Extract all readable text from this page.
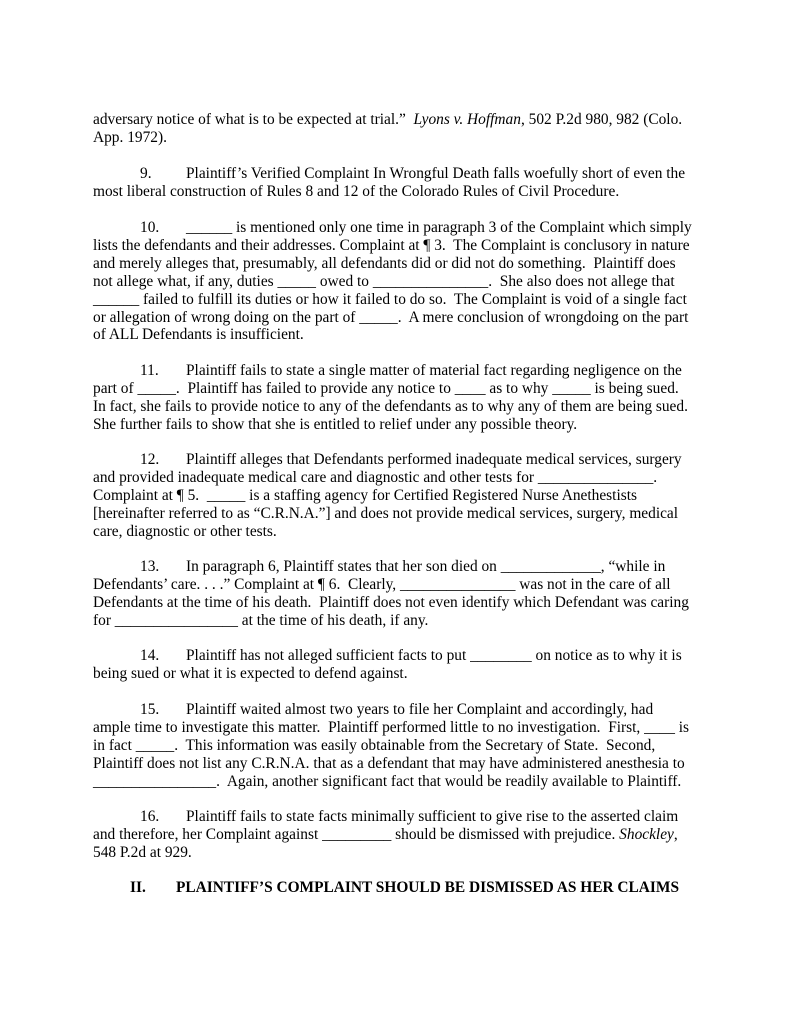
adversary notice of what is to be expected at trial.”  Lyons v. Hoffman, 502 P.2d 980, 982 (Colo.
App. 1972).
9. Plaintiff’s Verified Complaint In Wrongful Death falls woefully short of even the
most liberal construction of Rules 8 and 12 of the Colorado Rules of Civil Procedure.
10. ______ is mentioned only one time in paragraph 3 of the Complaint which simply
lists the defendants and their addresses. Complaint at ¶ 3.  The Complaint is conclusory in nature
and merely alleges that, presumably, all defendants did or did not do something.  Plaintiff does
not allege what, if any, duties _____ owed to _______________.  She also does not allege that
______ failed to fulfill its duties or how it failed to do so.  The Complaint is void of a single fact
or allegation of wrong doing on the part of _____.  A mere conclusion of wrongdoing on the part
of ALL Defendants is insufficient.
11. Plaintiff fails to state a single matter of material fact regarding negligence on the
part of _____.  Plaintiff has failed to provide any notice to ____ as to why _____ is being sued.
In fact, she fails to provide notice to any of the defendants as to why any of them are being sued.
She further fails to show that she is entitled to relief under any possible theory.
12. Plaintiff alleges that Defendants performed inadequate medical services, surgery
and provided inadequate medical care and diagnostic and other tests for _______________.
Complaint at ¶ 5.  _____ is a staffing agency for Certified Registered Nurse Anethestists
[hereinafter referred to as “C.R.N.A.”] and does not provide medical services, surgery, medical
care, diagnostic or other tests.
13. In paragraph 6, Plaintiff states that her son died on _____________, “while in
Defendants’ care. . . .” Complaint at ¶ 6.  Clearly, _______________ was not in the care of all
Defendants at the time of his death.  Plaintiff does not even identify which Defendant was caring
for ________________ at the time of his death, if any.
14. Plaintiff has not alleged sufficient facts to put ________ on notice as to why it is
being sued or what it is expected to defend against.
15. Plaintiff waited almost two years to file her Complaint and accordingly, had
ample time to investigate this matter.  Plaintiff performed little to no investigation.  First, ____ is
in fact _____.  This information was easily obtainable from the Secretary of State.  Second,
Plaintiff does not list any C.R.N.A. that as a defendant that may have administered anesthesia to
________________.  Again, another significant fact that would be readily available to Plaintiff.
16. Plaintiff fails to state facts minimally sufficient to give rise to the asserted claim
and therefore, her Complaint against _________ should be dismissed with prejudice. Shockley,
548 P.2d at 929.
II. PLAINTIFF’S COMPLAINT SHOULD BE DISMISSED AS HER CLAIMS
